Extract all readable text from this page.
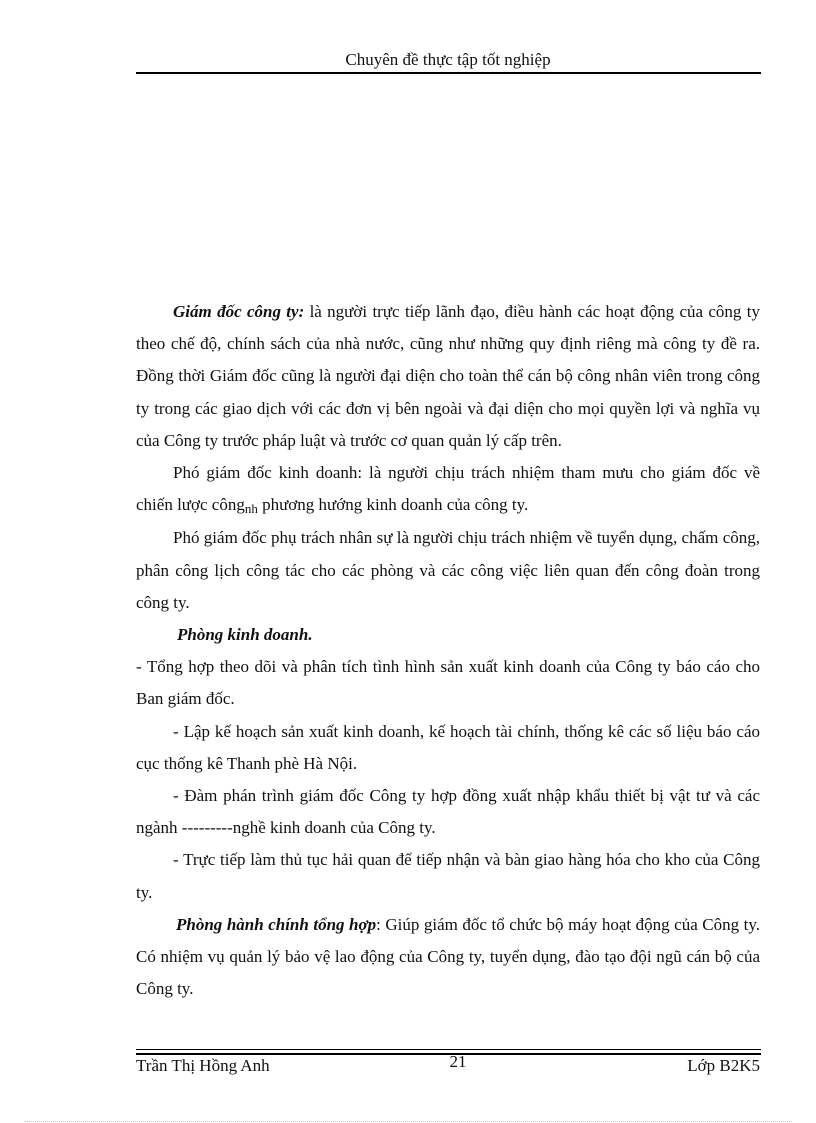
Chuyên đề thực tập tốt nghiệp

Giám đốc công ty: là người trực tiếp lãnh đạo, điều hành các hoạt động của công ty theo chế độ, chính sách của nhà nước, cũng như những quy định riêng mà công ty đề ra. Đồng thời Giám đốc cũng là người đại diện cho toàn thể cán bộ công nhân viên trong công ty trong các giao dịch với các đơn vị bên ngoài và đại diện cho mọi quyền lợi và nghĩa vụ của Công ty trước pháp luật và trước cơ quan quản lý cấp trên.

Phó giám đốc kinh doanh: là người chịu trách nhiệm tham mưu cho giám đốc về chiến lược côngnh phương hướng kinh doanh của công ty.

Phó giám đốc phụ trách nhân sự là người chịu trách nhiệm về tuyển dụng, chấm công, phân công lịch công tác cho các phòng và các công việc liên quan đến công đoàn trong công ty.

Phòng kinh doanh.

- Tổng hợp theo dõi và phân tích tình hình sản xuất kinh doanh của Công ty báo cáo cho Ban giám đốc.

- Lập kế hoạch sản xuất kinh doanh, kế hoạch tài chính, thống kê các số liệu báo cáo cục thống kê Thanh phè Hà Nội.

- Đàm phán trình giám đốc Công ty hợp đồng xuất nhập khẩu thiết bị vật tư và các ngành ---------nghề kinh doanh của Công ty.

- Trực tiếp làm thủ tục hải quan để tiếp nhận và bàn giao hàng hóa cho kho của Công ty.

Phòng hành chính tổng hợp: Giúp giám đốc tổ chức bộ máy hoạt động của Công ty. Có nhiệm vụ quản lý bảo vệ lao động của Công ty, tuyển dụng, đào tạo đội ngũ cán bộ của Công ty.

Trần Thị Hồng Anh	21	Lớp B2K5
